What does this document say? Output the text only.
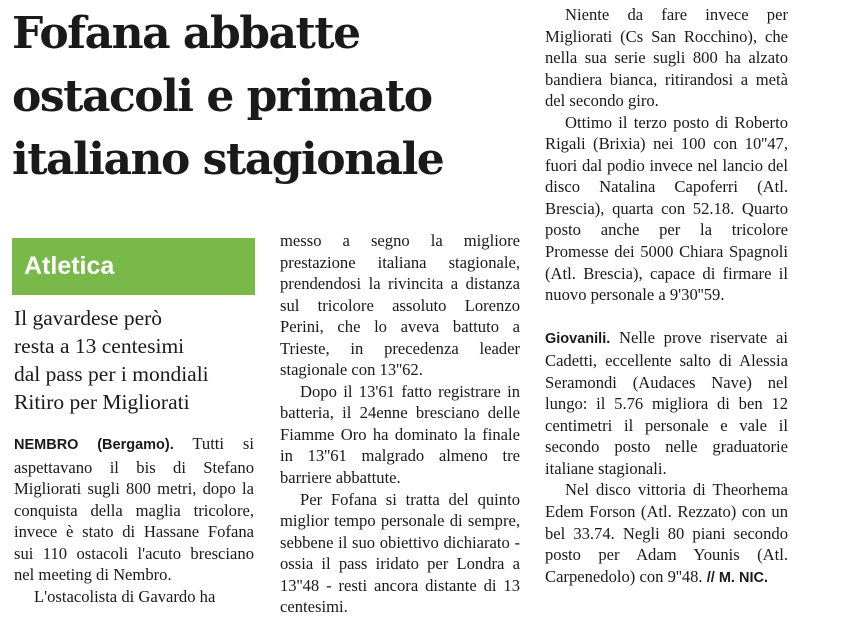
Fofana abbatte
ostacoli e primato
italiano stagionale
Atletica
Il gavardese però
resta a 13 centesimi
dal pass per i mondiali
Ritiro per Migliorati

NEMBRO (Bergamo). Tutti si aspettavano il bis di Stefano Migliorati sugli 800 metri, dopo la conquista della maglia tricolore, invece è stato di Hassane Fofana sui 110 ostacoli l'acuto bresciano nel meeting di Nembro.

L'ostacolista di Gavardo ha

messo a segno la migliore prestazione italiana stagionale, prendendosi la rivincita a distanza sul tricolore assoluto Lorenzo Perini, che lo aveva battuto a Trieste, in precedenza leader stagionale con 13''62.

Dopo il 13'61 fatto registrare in batteria, il 24enne bresciano delle Fiamme Oro ha dominato la finale in 13''61 malgrado almeno tre barriere abbattute.

Per Fofana si tratta del quinto miglior tempo personale di sempre, sebbene il suo obiettivo dichiarato - ossia il pass iridato per Londra a 13''48 - resti ancora distante di 13 centesimi.

Niente da fare invece per Migliorati (Cs San Rocchino), che nella sua serie sugli 800 ha alzato bandiera bianca, ritirandosi a metà del secondo giro.

Ottimo il terzo posto di Roberto Rigali (Brixia) nei 100 con 10''47, fuori dal podio invece nel lancio del disco Natalina Capoferri (Atl. Brescia), quarta con 52.18. Quarto posto anche per la tricolore Promesse dei 5000 Chiara Spagnoli (Atl. Brescia), capace di firmare il nuovo personale a 9'30''59.

Giovanili. Nelle prove riservate ai Cadetti, eccellente salto di Alessia Seramondi (Audaces Nave) nel lungo: il 5.76 migliora di ben 12 centimetri il personale e vale il secondo posto nelle graduatorie italiane stagionali.

Nel disco vittoria di Theorhema Edem Forson (Atl. Rezzato) con un bel 33.74. Negli 80 piani secondo posto per Adam Younis (Atl. Carpenedolo) con 9''48. // M. NIC.
